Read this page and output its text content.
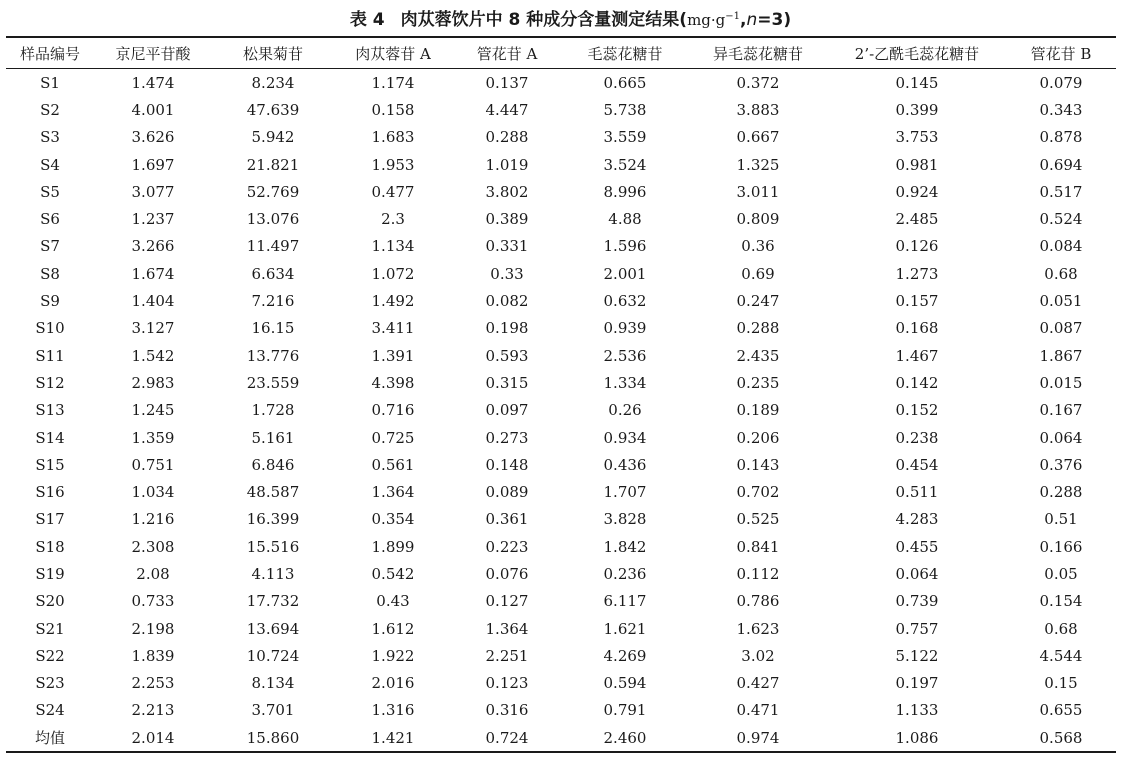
表 4 肉苁蓉饮片中 8 种成分含量测定结果$(mg\cdot g^{-1},n=3)$
样品编号	京尼平苷酸	松果菊苷	肉苁蓉苷 A	管花苷 A	毛蕊花糖苷	异毛蕊花糖苷	2’-乙酰毛蕊花糖苷	管花苷 B
S1	1.474	8.234	1.174	0.137	0.665	0.372	0.145	0.079
S2	4.001	47.639	0.158	4.447	5.738	3.883	0.399	0.343
S3	3.626	5.942	1.683	0.288	3.559	0.667	3.753	0.878
S4	1.697	21.821	1.953	1.019	3.524	1.325	0.981	0.694
S5	3.077	52.769	0.477	3.802	8.996	3.011	0.924	0.517
S6	1.237	13.076	2.3	0.389	4.88	0.809	2.485	0.524
S7	3.266	11.497	1.134	0.331	1.596	0.36	0.126	0.084
S8	1.674	6.634	1.072	0.33	2.001	0.69	1.273	0.68
S9	1.404	7.216	1.492	0.082	0.632	0.247	0.157	0.051
S10	3.127	16.15	3.411	0.198	0.939	0.288	0.168	0.087
S11	1.542	13.776	1.391	0.593	2.536	2.435	1.467	1.867
S12	2.983	23.559	4.398	0.315	1.334	0.235	0.142	0.015
S13	1.245	1.728	0.716	0.097	0.26	0.189	0.152	0.167
S14	1.359	5.161	0.725	0.273	0.934	0.206	0.238	0.064
S15	0.751	6.846	0.561	0.148	0.436	0.143	0.454	0.376
S16	1.034	48.587	1.364	0.089	1.707	0.702	0.511	0.288
S17	1.216	16.399	0.354	0.361	3.828	0.525	4.283	0.51
S18	2.308	15.516	1.899	0.223	1.842	0.841	0.455	0.166
S19	2.08	4.113	0.542	0.076	0.236	0.112	0.064	0.05
S20	0.733	17.732	0.43	0.127	6.117	0.786	0.739	0.154
S21	2.198	13.694	1.612	1.364	1.621	1.623	0.757	0.68
S22	1.839	10.724	1.922	2.251	4.269	3.02	5.122	4.544
S23	2.253	8.134	2.016	0.123	0.594	0.427	0.197	0.15
S24	2.213	3.701	1.316	0.316	0.791	0.471	1.133	0.655
均值	2.014	15.860	1.421	0.724	2.460	0.974	1.086	0.568
